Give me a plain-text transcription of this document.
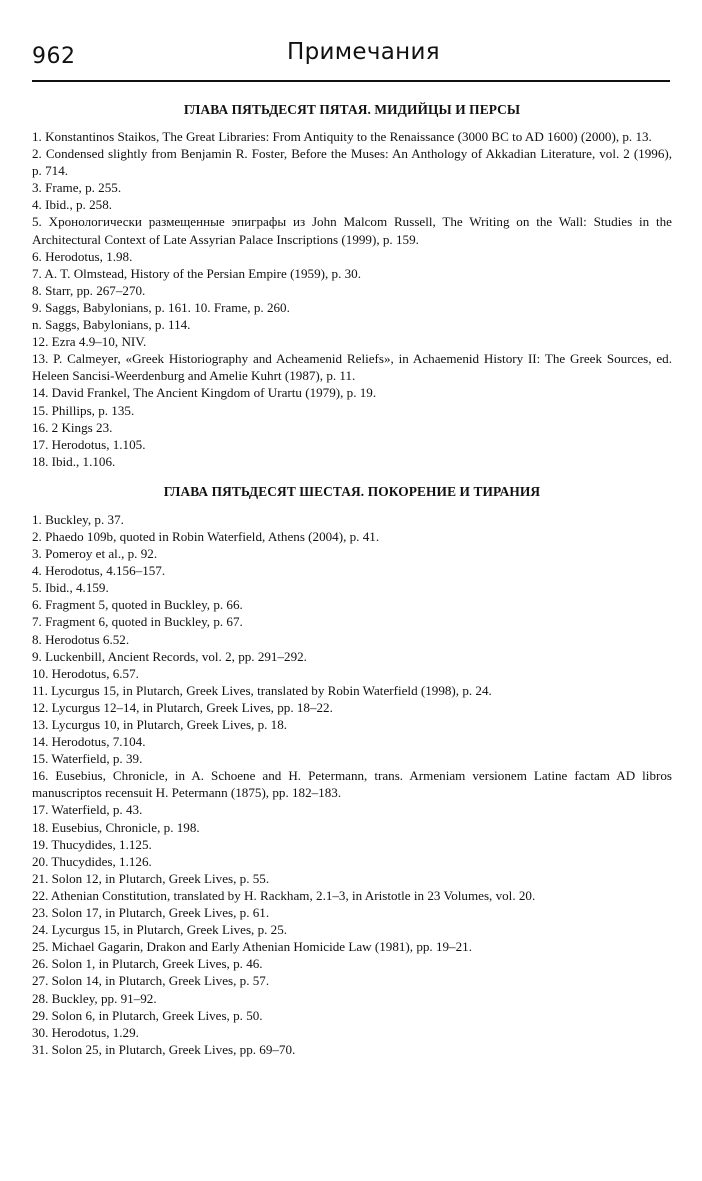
962	Примечания
ГЛАВА ПЯТЬДЕСЯТ ПЯТАЯ. МИДИЙЦЫ И ПЕРСЫ

1. Konstantinos Staikos, The Great Libraries: From Antiquity to the Renaissance (3000 BC to AD 1600) (2000), p. 13.

2. Condensed slightly from Benjamin R. Foster, Before the Muses: An Anthology of Akkadian Literature, vol. 2 (1996), p. 714.

3. Frame, p. 255.

4. Ibid., p. 258.

5. Хронологически размещенные эпиграфы из John Malcom Russell, The Writing on the Wall: Studies in the Architectural Context of Late Assyrian Palace Inscriptions (1999), p. 159.

6. Herodotus, 1.98.

7. A. T. Olmstead, History of the Persian Empire (1959), p. 30.

8. Starr, pp. 267–270.

9. Saggs, Babylonians, p. 161. 10. Frame, p. 260.

n. Saggs, Babylonians, p. 114.

12. Ezra 4.9–10, NIV.

13. P. Calmeyer, «Greek Historiography and Acheamenid Reliefs», in Achaemenid History II: The Greek Sources, ed. Heleen Sancisi-Weerdenburg and Amelie Kuhrt (1987), p. 11.

14. David Frankel, The Ancient Kingdom of Urartu (1979), p. 19.

15. Phillips, p. 135.

16. 2 Kings 23.

17. Herodotus, 1.105.

18. Ibid., 1.106.

ГЛАВА ПЯТЬДЕСЯТ ШЕСТАЯ. ПОКОРЕНИЕ И ТИРАНИЯ

1. Buckley, p. 37.

2. Phaedo 109b, quoted in Robin Waterfield, Athens (2004), p. 41.

3. Pomeroy et al., p. 92.

4. Herodotus, 4.156–157.

5. Ibid., 4.159.

6. Fragment 5, quoted in Buckley, p. 66.

7. Fragment 6, quoted in Buckley, p. 67.

8. Herodotus 6.52.

9. Luckenbill, Ancient Records, vol. 2, pp. 291–292.

10. Herodotus, 6.57.

11. Lycurgus 15, in Plutarch, Greek Lives, translated by Robin Waterfield (1998), p. 24.

12. Lycurgus 12–14, in Plutarch, Greek Lives, pp. 18–22.

13. Lycurgus 10, in Plutarch, Greek Lives, p. 18.

14. Herodotus, 7.104.

15. Waterfield, p. 39.

16. Eusebius, Chronicle, in A. Schoene and H. Petermann, trans. Armeniam versionem Latine factam AD libros manuscriptos recensuit H. Petermann (1875), pp. 182–183.

17. Waterfield, p. 43.

18. Eusebius, Chronicle, p. 198.

19. Thucydides, 1.125.

20. Thucydides, 1.126.

21. Solon 12, in Plutarch, Greek Lives, p. 55.

22. Athenian Constitution, translated by H. Rackham, 2.1–3, in Aristotle in 23 Volumes, vol. 20.

23. Solon 17, in Plutarch, Greek Lives, p. 61.

24. Lycurgus 15, in Plutarch, Greek Lives, p. 25.

25. Michael Gagarin, Drakon and Early Athenian Homicide Law (1981), pp. 19–21.

26. Solon 1, in Plutarch, Greek Lives, p. 46.

27. Solon 14, in Plutarch, Greek Lives, p. 57.

28. Buckley, pp. 91–92.

29. Solon 6, in Plutarch, Greek Lives, p. 50.

30. Herodotus, 1.29.

31. Solon 25, in Plutarch, Greek Lives, pp. 69–70.
